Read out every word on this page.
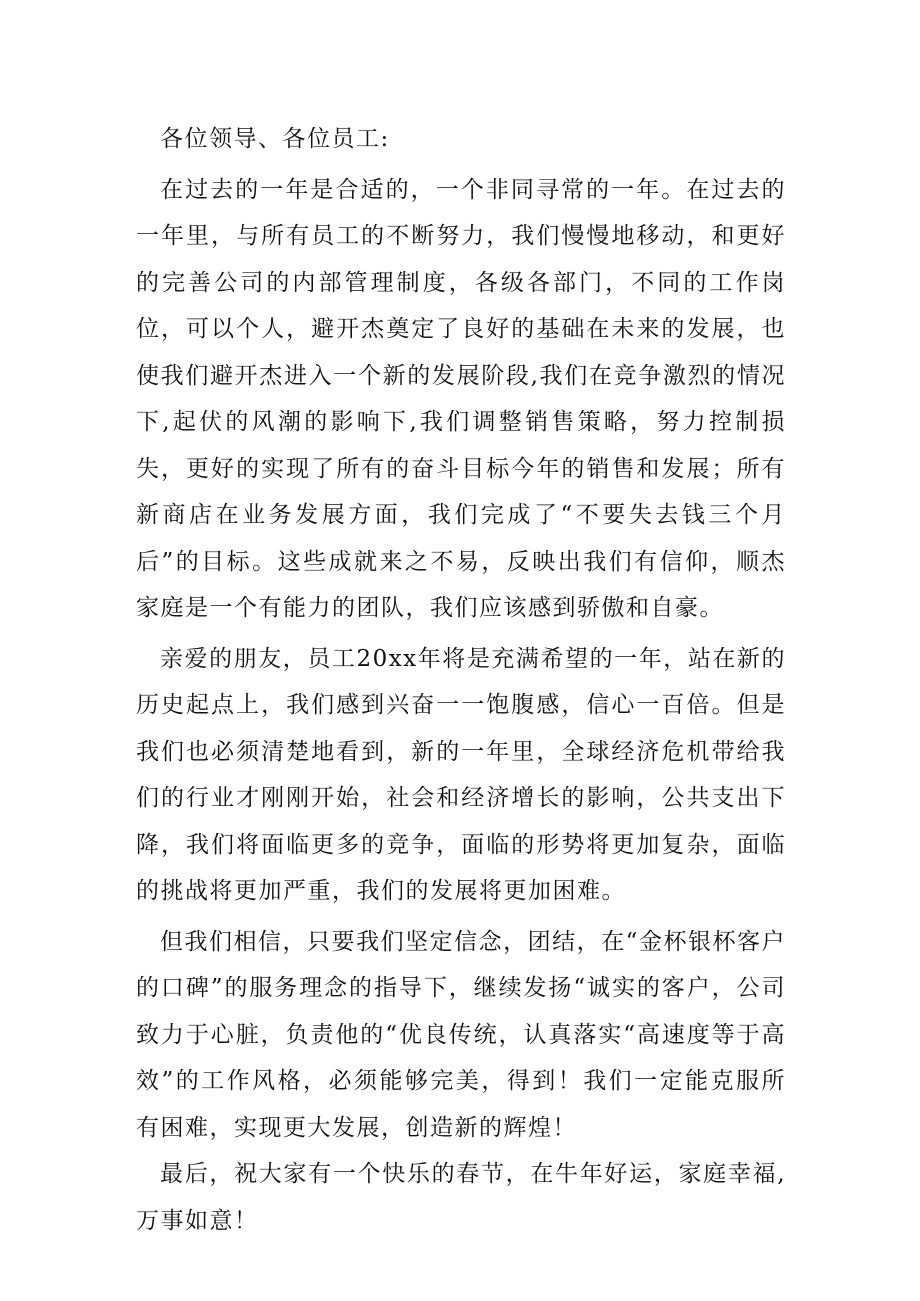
各位领导、各位员工:

在过去的一年是合适的，一个非同寻常的一年。在过去的一年里，与所有员工的不断努力，我们慢慢地移动，和更好的完善公司的内部管理制度，各级各部门，不同的工作岗位，可以个人，避开杰奠定了良好的基础在未来的发展，也使我们避开杰进入一个新的发展阶段,我们在竞争激烈的情况下,起伏的风潮的影响下,我们调整销售策略，努力控制损失，更好的实现了所有的奋斗目标今年的销售和发展；所有新商店在业务发展方面，我们完成了“不要失去钱三个月后”的目标。这些成就来之不易，反映出我们有信仰，顺杰家庭是一个有能力的团队，我们应该感到骄傲和自豪。

亲爱的朋友，员工20xx年将是充满希望的一年，站在新的历史起点上，我们感到兴奋一一饱腹感，信心一百倍。但是我们也必须清楚地看到，新的一年里，全球经济危机带给我们的行业才刚刚开始，社会和经济增长的影响，公共支出下降，我们将面临更多的竞争，面临的形势将更加复杂，面临的挑战将更加严重，我们的发展将更加困难。

但我们相信，只要我们坚定信念，团结，在“金杯银杯客户的口碑”的服务理念的指导下，继续发扬“诚实的客户，公司致力于心脏，负责他的“优良传统，认真落实“高速度等于高效”的工作风格，必须能够完美，得到！我们一定能克服所有困难，实现更大发展，创造新的辉煌！

最后，祝大家有一个快乐的春节，在牛年好运，家庭幸福,万事如意！
